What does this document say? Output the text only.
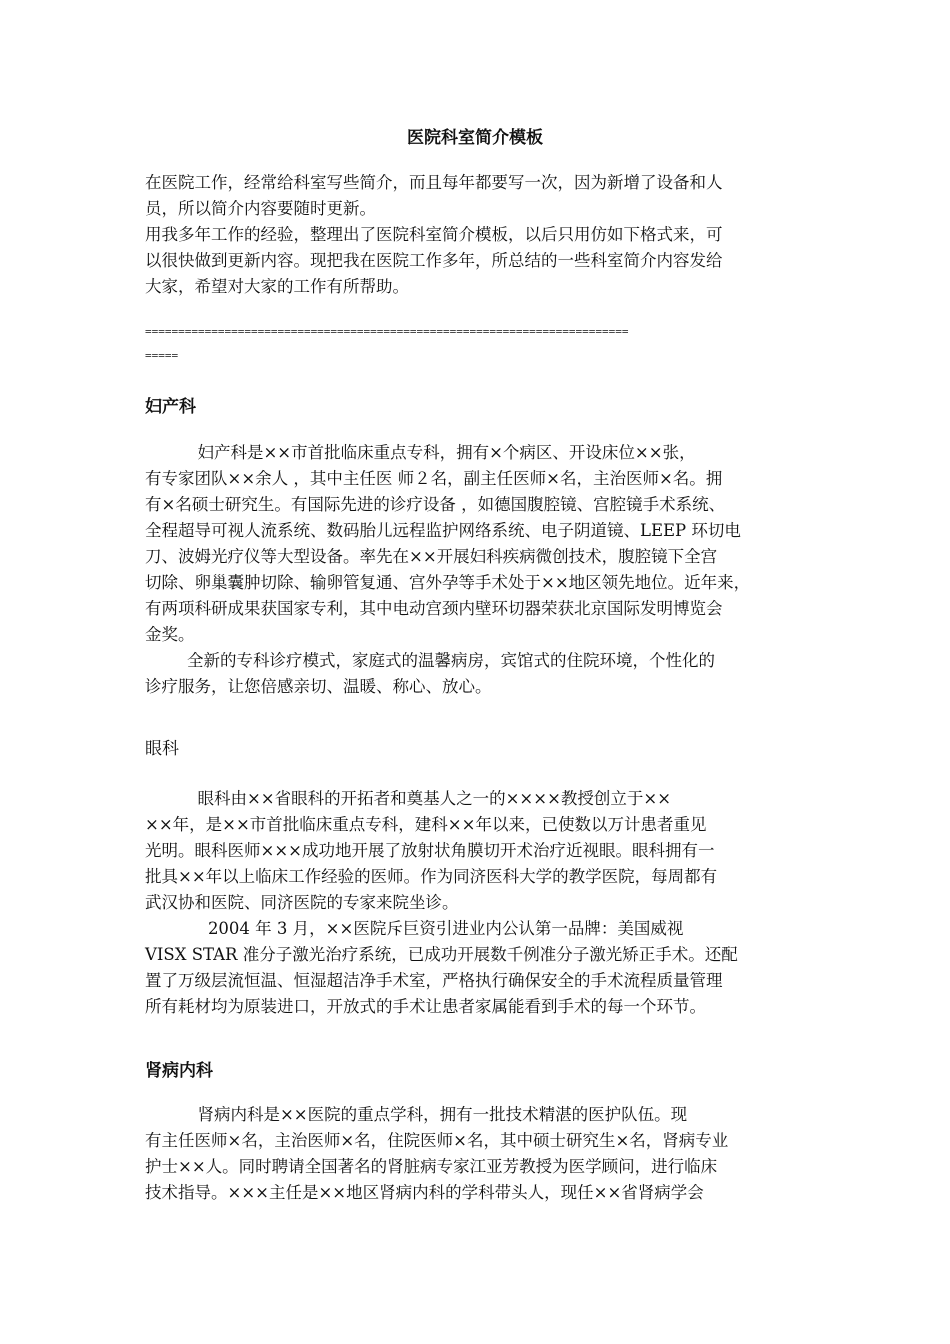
医院科室简介模板
在医院工作，经常给科室写些简介，而且每年都要写一次，因为新增了设备和人
员，所以简介内容要随时更新。
用我多年工作的经验，整理出了医院科室简介模板，以后只用仿如下格式来，可
以很快做到更新内容。现把我在医院工作多年，所总结的一些科室简介内容发给
大家，希望对大家的工作有所帮助。
=========================================================================
=====
妇产科
妇产科是××市首批临床重点专科，拥有×个病区、开设床位××张，
有专家团队××余人 ，其中主任医 师２名，副主任医师×名，主治医师×名。拥
有×名硕士研究生。有国际先进的诊疗设备 ，如德国腹腔镜、宫腔镜手术系统、
全程超导可视人流系统、数码胎儿远程监护网络系统、电子阴道镜、LEEP 环切电
刀、波姆光疗仪等大型设备。率先在××开展妇科疾病微创技术，腹腔镜下全宫
切除、卵巢囊肿切除、输卵管复通、宫外孕等手术处于××地区领先地位。近年来，
有两项科研成果获国家专利，其中电动宫颈内壁环切器荣获北京国际发明博览会
金奖。
全新的专科诊疗模式，家庭式的温馨病房，宾馆式的住院环境，个性化的
诊疗服务，让您倍感亲切、温暖、称心、放心。
眼科
眼科由××省眼科的开拓者和奠基人之一的××××教授创立于××
××年，是××市首批临床重点专科，建科××年以来，已使数以万计患者重见
光明。眼科医师×××成功地开展了放射状角膜切开术治疗近视眼。眼科拥有一
批具××年以上临床工作经验的医师。作为同济医科大学的教学医院，每周都有
武汉协和医院、同济医院的专家来院坐诊。
2004 年 3 月，××医院斥巨资引进业内公认第一品牌：美国威视
VISX STAR 准分子激光治疗系统，已成功开展数千例准分子激光矫正手术。还配
置了万级层流恒温、恒湿超洁净手术室，严格执行确保安全的手术流程质量管理
所有耗材均为原装进口，开放式的手术让患者家属能看到手术的每一个环节。
肾病内科
肾病内科是××医院的重点学科，拥有一批技术精湛的医护队伍。现
有主任医师×名，主治医师×名，住院医师×名，其中硕士研究生×名，肾病专业
护士××人。同时聘请全国著名的肾脏病专家江亚芳教授为医学顾问，进行临床
技术指导。×××主任是××地区肾病内科的学科带头人，现任××省肾病学会
